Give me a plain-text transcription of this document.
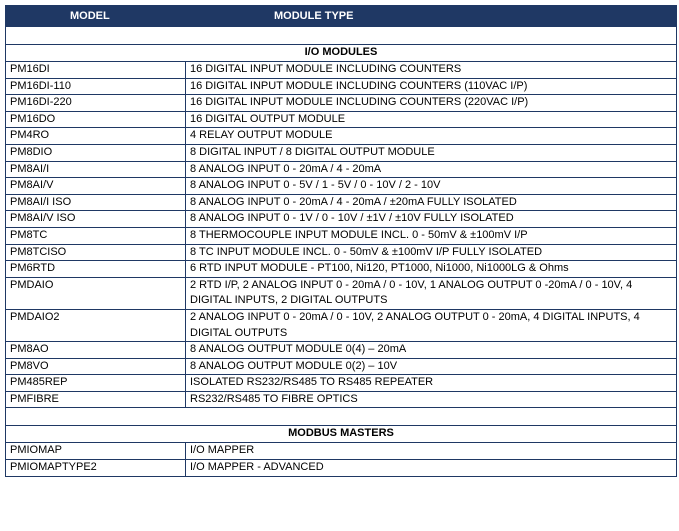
MODEL	MODULE TYPE

I/O MODULES	
PM16DI	16 DIGITAL INPUT MODULE INCLUDING COUNTERS
PM16DI-110	16 DIGITAL INPUT MODULE INCLUDING COUNTERS (110VAC I/P)
PM16DI-220	16 DIGITAL INPUT MODULE INCLUDING COUNTERS (220VAC I/P)
PM16DO	16 DIGITAL OUTPUT MODULE
PM4RO	4 RELAY OUTPUT MODULE
PM8DIO	8 DIGITAL INPUT / 8 DIGITAL OUTPUT MODULE
PM8AI/I	8 ANALOG INPUT 0 - 20mA / 4 - 20mA
PM8AI/V	8 ANALOG INPUT 0 - 5V / 1 - 5V / 0 - 10V / 2 - 10V
PM8AI/I ISO	8 ANALOG INPUT 0 - 20mA / 4 - 20mA / ±20mA FULLY ISOLATED
PM8AI/V ISO	8 ANALOG INPUT 0 - 1V / 0 - 10V / ±1V / ±10V FULLY ISOLATED
PM8TC	8 THERMOCOUPLE INPUT MODULE INCL. 0 - 50mV & ±100mV I/P
PM8TCISO	8 TC INPUT MODULE INCL. 0 - 50mV & ±100mV I/P FULLY ISOLATED
PM6RTD	6 RTD INPUT MODULE - PT100, Ni120, PT1000, Ni1000, Ni1000LG & Ohms
PMDAIO	2 RTD I/P, 2 ANALOG INPUT 0 - 20mA / 0 - 10V, 1 ANALOG OUTPUT 0 -20mA / 0 - 10V, 4 DIGITAL INPUTS, 2 DIGITAL OUTPUTS
PMDAIO2	2 ANALOG INPUT 0 - 20mA / 0 - 10V, 2 ANALOG OUTPUT 0 - 20mA, 4 DIGITAL INPUTS, 4 DIGITAL OUTPUTS
PM8AO	8 ANALOG OUTPUT MODULE 0(4) – 20mA
PM8VO	8 ANALOG OUTPUT MODULE 0(2) – 10V
PM485REP	ISOLATED RS232/RS485 TO RS485 REPEATER
PMFIBRE	RS232/RS485 TO FIBRE OPTICS

MODBUS MASTERS	
PMIOMAP	I/O MAPPER
PMIOMAPTYPE2	I/O MAPPER - ADVANCED
